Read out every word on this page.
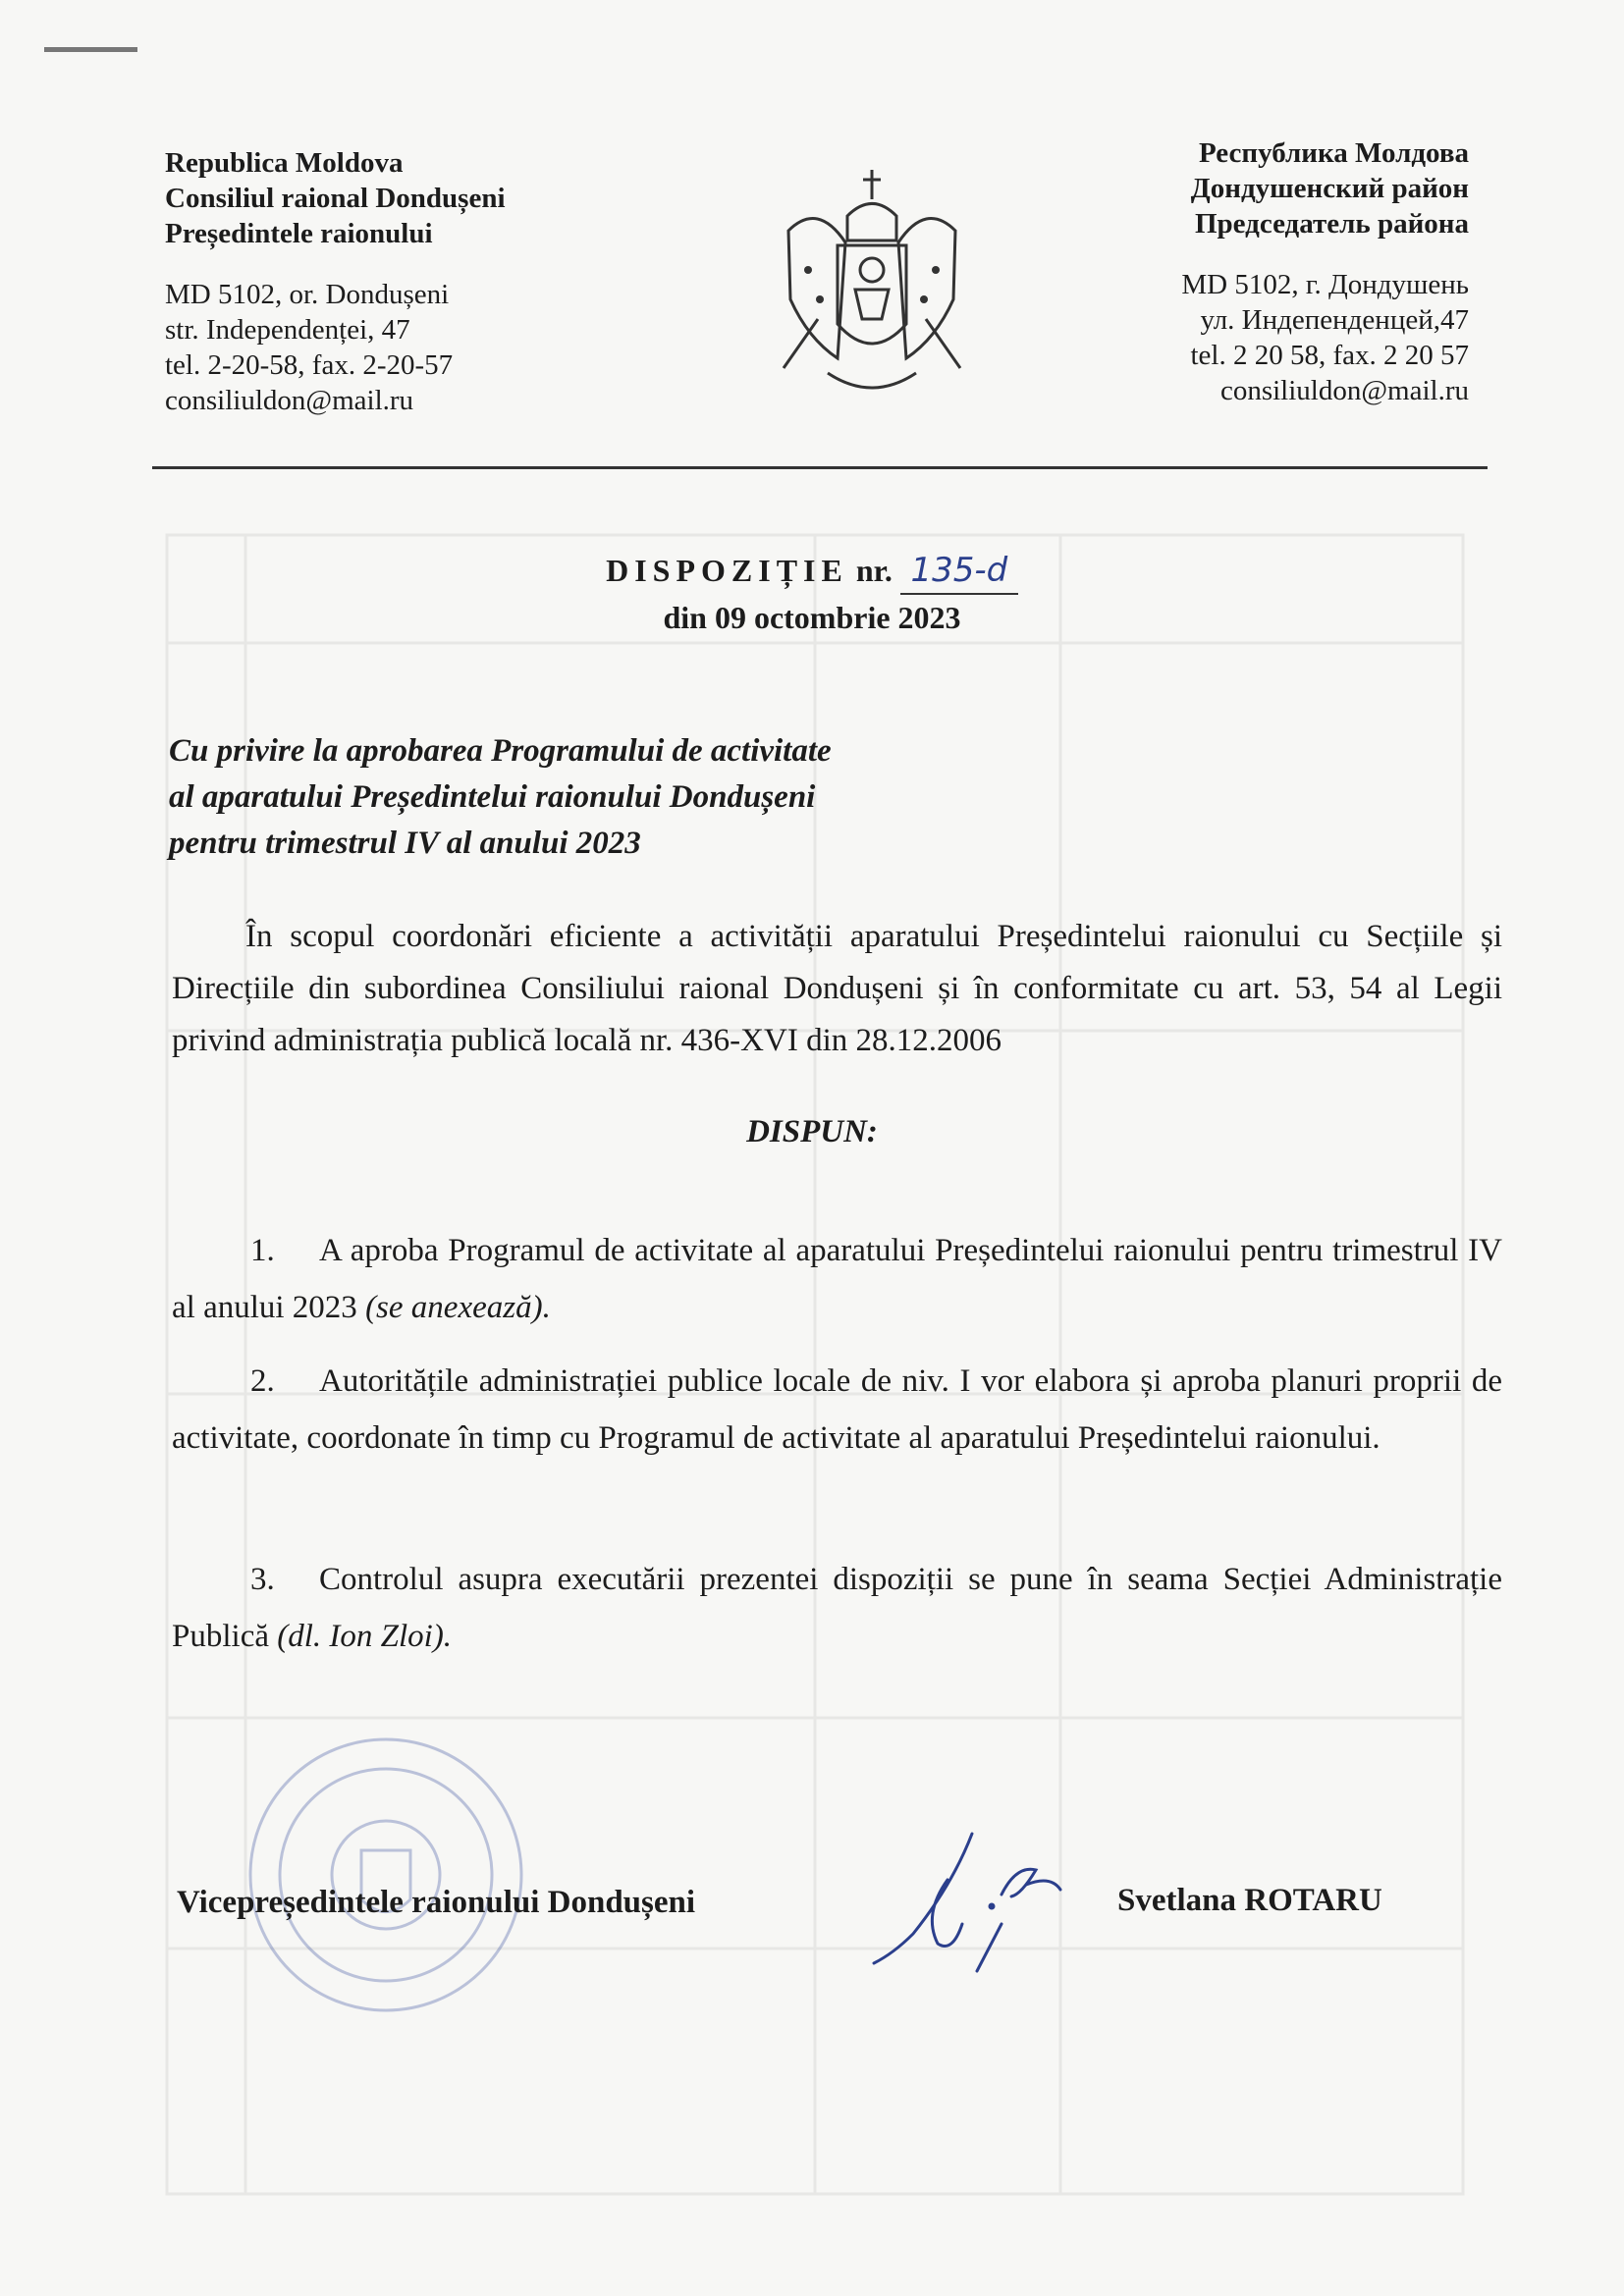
Republica Moldova
Consiliul raional Dondușeni
Președintele raionului
MD 5102, or. Dondușeni
str. Independenței, 47
tel. 2-20-58, fax. 2-20-57
consiliuldon@mail.ru
Республика Молдова
Дондушенский район
Председатель района
MD 5102, г. Дондушень
ул. Индепенденцей,47
tel. 2 20 58, fax. 2 20 57
consiliuldon@mail.ru
DISPOZIȚIE nr. 135-d
din 09 octombrie 2023
Cu privire la aprobarea Programului de activitate
al aparatului Președintelui raionului Dondușeni
pentru trimestrul IV al anului 2023
În scopul coordonări eficiente a activității aparatului Președintelui raionului cu Secțiile și Direcțiile din subordinea Consiliului raional Dondușeni și în conformitate cu art. 53, 54 al Legii privind administrația publică locală nr. 436-XVI din 28.12.2006
DISPUN:
1. A aproba Programul de activitate al aparatului Președintelui raionului pentru trimestrul IV al anului 2023 (se anexează).
2. Autoritățile administrației publice locale de niv. I vor elabora și aproba planuri proprii de activitate, coordonate în timp cu Programul de activitate al aparatului Președintelui raionului.
3. Controlul asupra executării prezentei dispoziții se pune în seama Secției Administrație Publică (dl. Ion Zloi).
Vicepreședintele raionului Dondușeni	Svetlana ROTARU
